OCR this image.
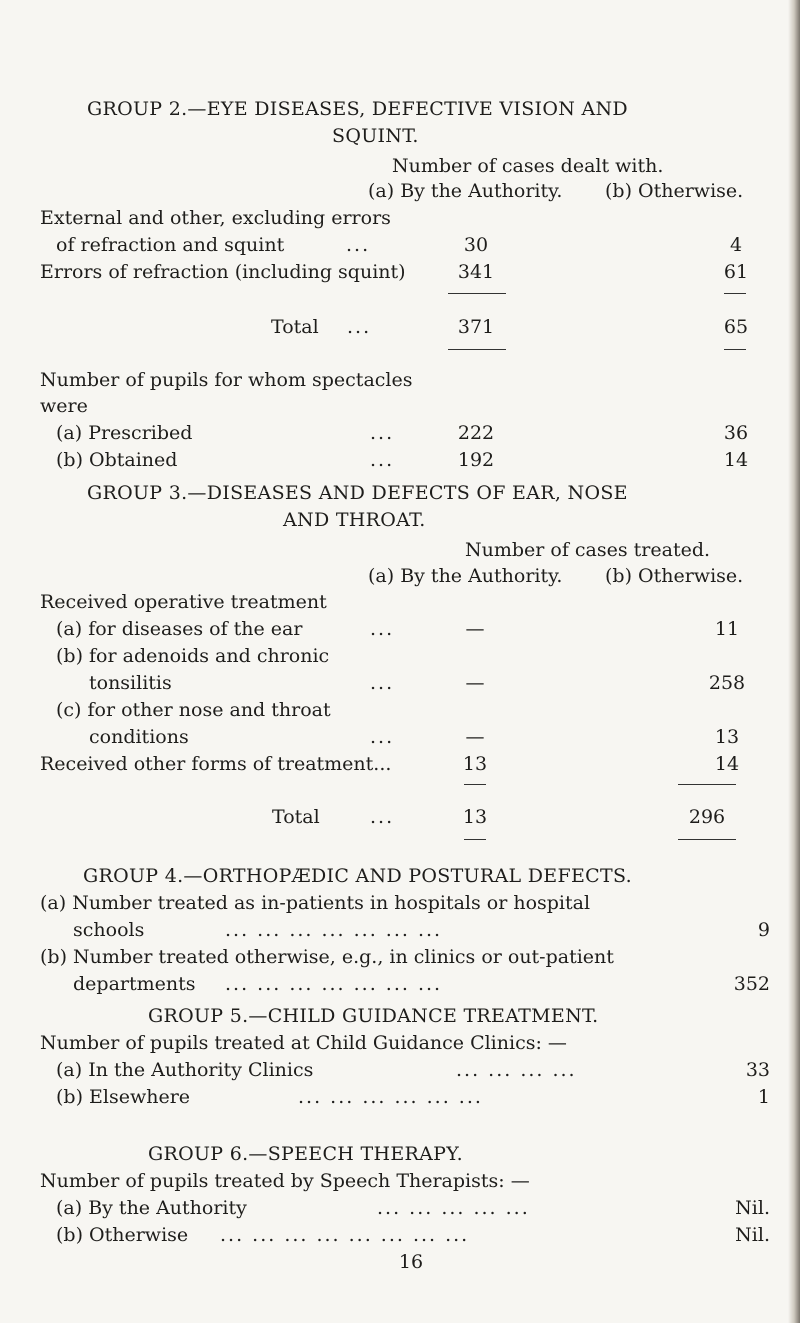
GROUP 2.—EYE DISEASES, DEFECTIVE VISION AND
SQUINT.
Number of cases dealt with.
(a) By the Authority. (b) Otherwise.
External and other, excluding errors
of refraction and squint	...	30	4
Errors of refraction (including squint)	341	61
Total ...	371	65
Number of pupils for whom spectacles
were
(a) Prescribed	...	222	36
(b) Obtained	...	192	14
GROUP 3.—DISEASES AND DEFECTS OF EAR, NOSE
AND THROAT.
Number of cases treated.
(a) By the Authority. (b) Otherwise.
Received operative treatment
(a) for diseases of the ear	...	—	11
(b) for adenoids and chronic
tonsilitis	...	—	258
(c) for other nose and throat
conditions	...	—	13
Received other forms of treatment...	13	14
Total	...	13	296
GROUP 4.—ORTHOPÆDIC AND POSTURAL DEFECTS.
(a) Number treated as in-patients in hospitals or hospital
schools	... ... ... ... ... ... ...	9
(b) Number treated otherwise, e.g., in clinics or out-patient
departments ... ... ... ... ... ... ...	352
GROUP 5.—CHILD GUIDANCE TREATMENT.
Number of pupils treated at Child Guidance Clinics: —
(a) In the Authority Clinics	... ... ... ...	33
(b) Elsewhere	... ... ... ... ... ...	1
GROUP 6.—SPEECH THERAPY.
Number of pupils treated by Speech Therapists: —
(a) By the Authority	... ... ... ... ...	Nil.
(b) Otherwise ... ... ... ... ... ... ... ...	Nil.
16
